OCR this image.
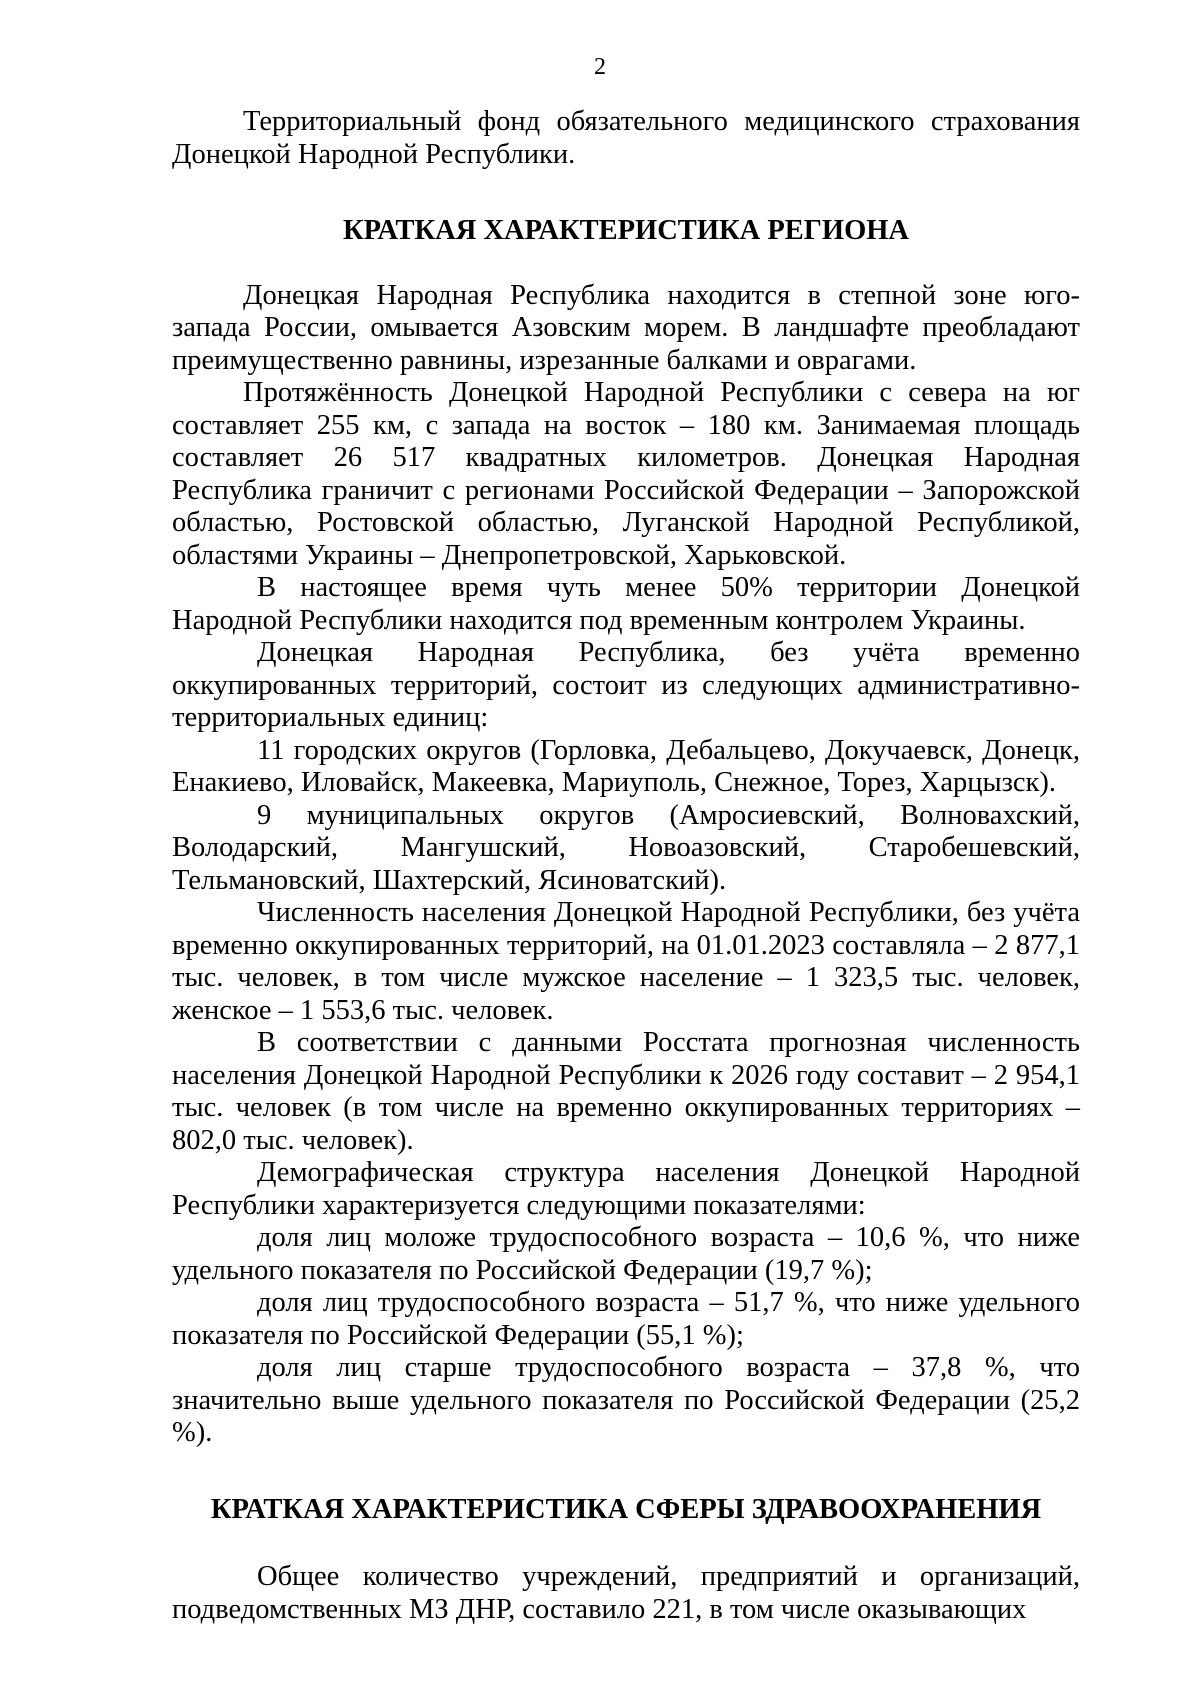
2

Территориальный фонд обязательного медицинского страхования Донецкой Народной Республики.

КРАТКАЯ ХАРАКТЕРИСТИКА РЕГИОНА

Донецкая Народная Республика находится в степной зоне юго-запада России, омывается Азовским морем. В ландшафте преобладают преимущественно равнины, изрезанные балками и оврагами.

Протяжённость Донецкой Народной Республики с севера на юг составляет 255 км, с запада на восток – 180 км. Занимаемая площадь составляет 26 517 квадратных километров. Донецкая Народная Республика граничит с регионами Российской Федерации – Запорожской областью, Ростовской областью, Луганской Народной Республикой, областями Украины – Днепропетровской, Харьковской.

В настоящее время чуть менее 50% территории Донецкой Народной Республики находится под временным контролем Украины.

Донецкая Народная Республика, без учёта временно оккупированных территорий, состоит из следующих административно-территориальных единиц:

11 городских округов (Горловка, Дебальцево, Докучаевск, Донецк, Енакиево, Иловайск, Макеевка, Мариуполь, Снежное, Торез, Харцызск).

9 муниципальных округов (Амросиевский, Волновахский, Володарский, Мангушский, Новоазовский, Старобешевский, Тельмановский, Шахтерский, Ясиноватский).

Численность населения Донецкой Народной Республики, без учёта временно оккупированных территорий, на 01.01.2023 составляла – 2 877,1 тыс. человек, в том числе мужское население – 1 323,5 тыс. человек, женское – 1 553,6 тыс. человек.

В соответствии с данными Росстата прогнозная численность населения Донецкой Народной Республики к 2026 году составит – 2 954,1 тыс. человек (в том числе на временно оккупированных территориях – 802,0 тыс. человек).

Демографическая структура населения Донецкой Народной Республики характеризуется следующими показателями:

доля лиц моложе трудоспособного возраста – 10,6 %, что ниже удельного показателя по Российской Федерации (19,7 %);

доля лиц трудоспособного возраста – 51,7 %, что ниже удельного показателя по Российской Федерации (55,1 %);

доля лиц старше трудоспособного возраста – 37,8 %, что значительно выше удельного показателя по Российской Федерации (25,2 %).

КРАТКАЯ ХАРАКТЕРИСТИКА СФЕРЫ ЗДРАВООХРАНЕНИЯ

Общее количество учреждений, предприятий и организаций, подведомственных МЗ ДНР, составило 221, в том числе оказывающих
